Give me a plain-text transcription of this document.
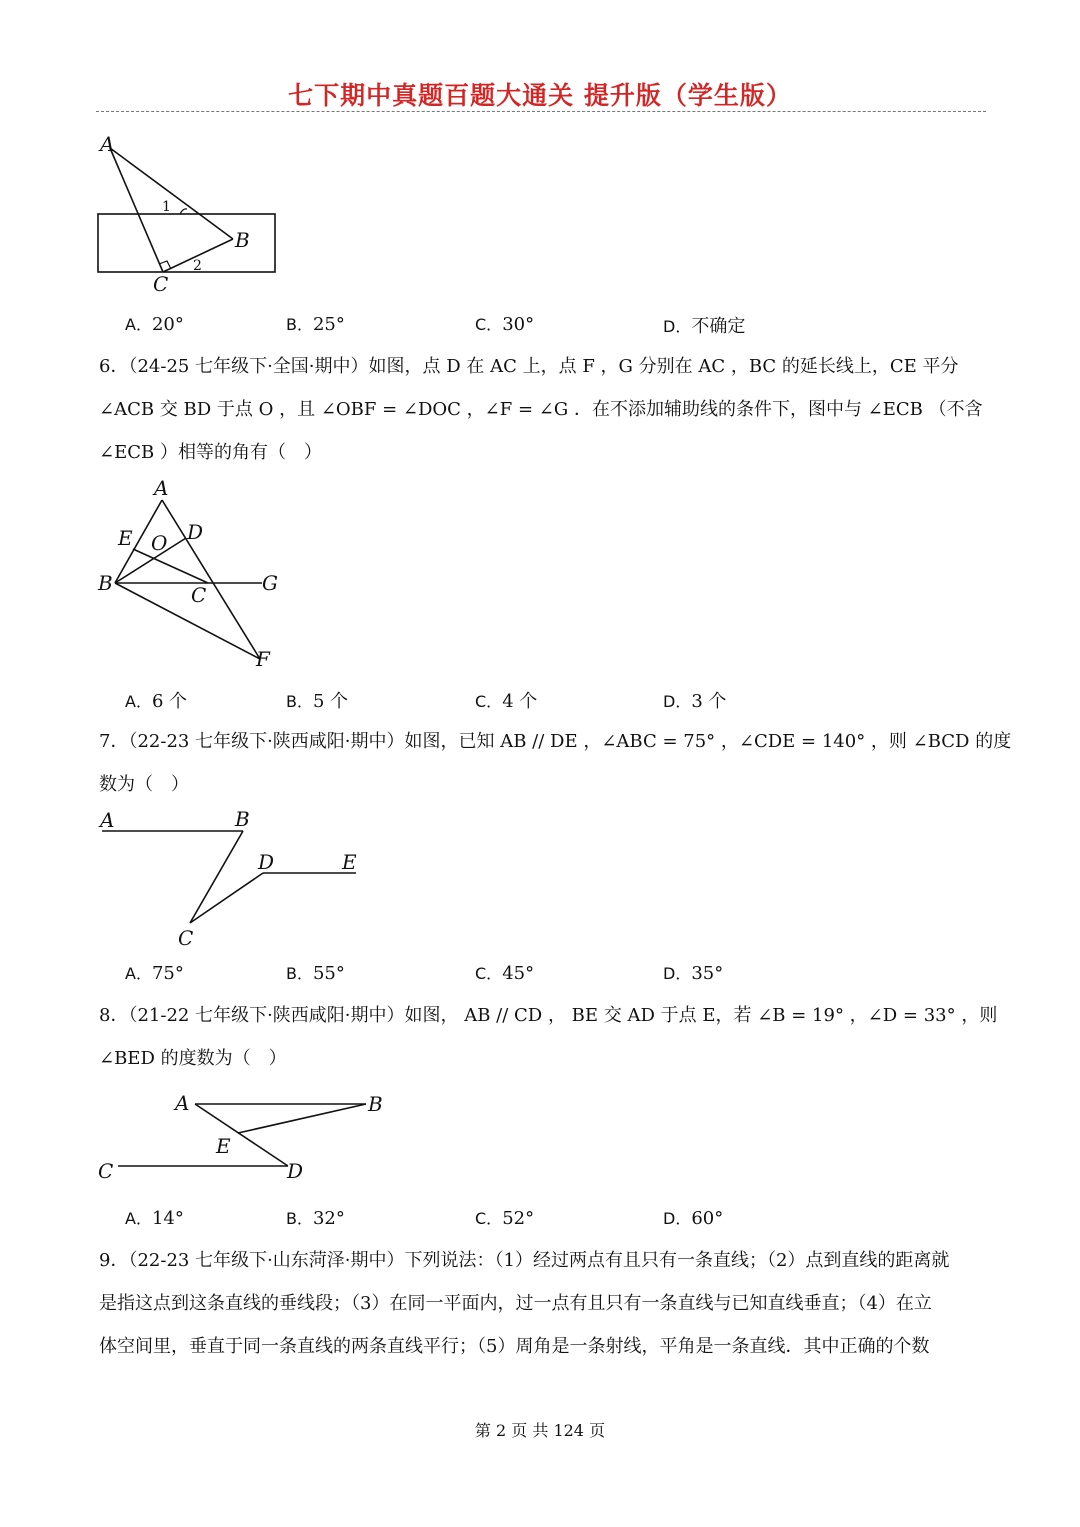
七下期中真题百题大通关 提升版（学生版）
A
B
C
1
2
A．20°	B．25°	C．30°	D．不确定
6．（24-25 七年级下·全国·期中）如图，点 D 在 AC 上，点 F ，G 分别在 AC ，BC 的延长线上，CE 平分
∠ACB 交 BD 于点 O ，且 ∠OBF = ∠DOC ，∠F = ∠G ．在不添加辅助线的条件下，图中与 ∠ECB （不含
∠ECB ）相等的角有（　）
A
E O D
B	C	G
F
A．6 个	B．5 个	C．4 个	D．3 个
7．（22-23 七年级下·陕西咸阳·期中）如图，已知 AB // DE ，∠ABC = 75° ，∠CDE = 140° ，则 ∠BCD 的度
数为（　）
A	B
D	E
C
A．75°	B．55°	C．45°	D．35°
8．（21-22 七年级下·陕西咸阳·期中）如图， AB // CD ， BE 交 AD 于点 E，若 ∠B = 19° ，∠D = 33° ，则
∠BED 的度数为（　）
A	B
E
C	D
A．14°	B．32°	C．52°	D．60°
9．（22-23 七年级下·山东菏泽·期中）下列说法：（1）经过两点有且只有一条直线；（2）点到直线的距离就
是指这点到这条直线的垂线段；（3）在同一平面内，过一点有且只有一条直线与已知直线垂直；（4）在立
体空间里，垂直于同一条直线的两条直线平行；（5）周角是一条射线，平角是一条直线．其中正确的个数
第 2 页 共 124 页
